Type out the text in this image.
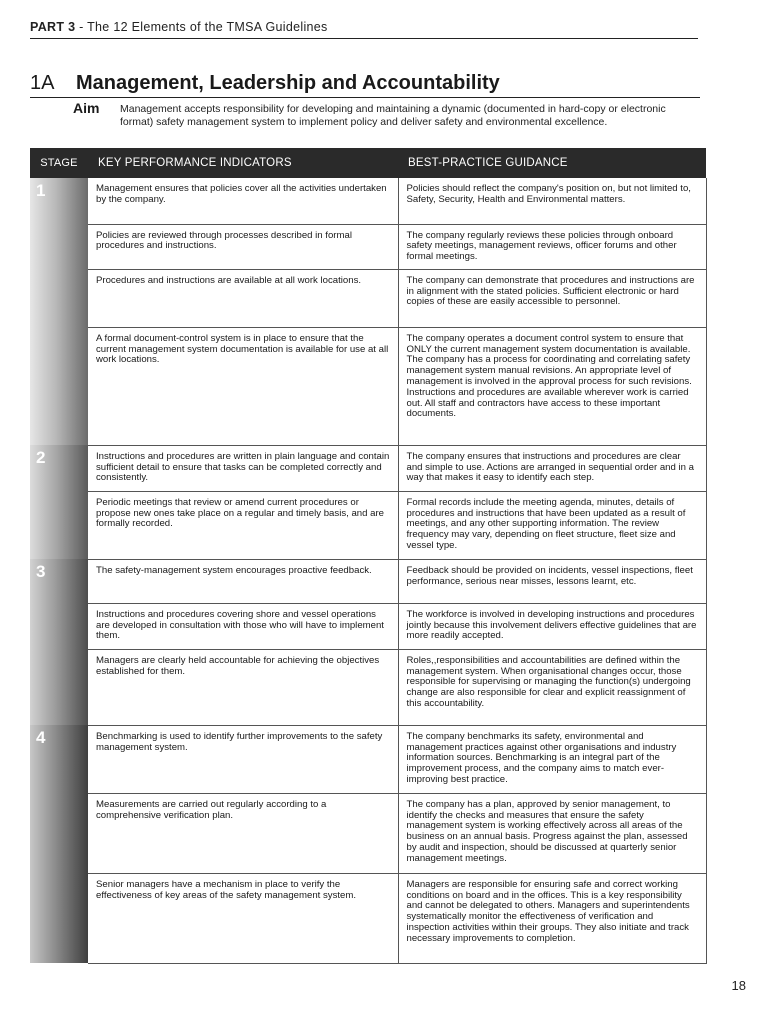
PART 3 - The 12 Elements of the TMSA Guidelines
1A Management, Leadership and Accountability
Aim Management accepts responsibility for developing and maintaining a dynamic (documented in hard-copy or electronic format) safety management system to implement policy and deliver safety and environmental excellence.
STAGE	KEY PERFORMANCE INDICATORS	BEST-PRACTICE GUIDANCE
1	Management ensures that policies cover all the activities undertaken by the company.	Policies should reflect the company's position on, but not limited to, Safety, Security, Health and Environmental matters.
	Policies are reviewed through processes described in formal procedures and instructions.	The company regularly reviews these policies through onboard safety meetings, management reviews, officer forums and other formal meetings.
	Procedures and instructions are available at all work locations.	The company can demonstrate that procedures and instructions are in alignment with the stated policies. Sufficient electronic or hard copies of these are easily accessible to personnel.
	A formal document-control system is in place to ensure that the current management system documentation is available for use at all work locations.	The company operates a document control system to ensure that ONLY the current management system documentation is available. The company has a process for coordinating and correlating safety management system manual revisions. An appropriate level of management is involved in the approval process for such revisions. Instructions and procedures are available wherever work is carried out. All staff and contractors have access to these important documents.
2	Instructions and procedures are written in plain language and contain sufficient detail to ensure that tasks can be completed correctly and consistently.	The company ensures that instructions and procedures are clear and simple to use. Actions are arranged in sequential order and in a way that makes it easy to identify each step.
	Periodic meetings that review or amend current procedures or propose new ones take place on a regular and timely basis, and are formally recorded.	Formal records include the meeting agenda, minutes, details of procedures and instructions that have been updated as a result of meetings, and any other supporting information. The review frequency may vary, depending on fleet structure, fleet size and vessel type.
3	The safety-management system encourages proactive feedback.	Feedback should be provided on incidents, vessel inspections, fleet performance, serious near misses, lessons learnt, etc.
	Instructions and procedures covering shore and vessel operations are developed in consultation with those who will have to implement them.	The workforce is involved in developing instructions and procedures jointly because this involvement delivers effective guidelines that are more readily accepted.
	Managers are clearly held accountable for achieving the objectives established for them.	Roles,,responsibilities and accountabilities are defined within the management system. When organisational changes occur, those responsible for supervising or managing the function(s) undergoing change are also responsible for clear and explicit reassignment of this accountability.
4	Benchmarking is used to identify further improvements to the safety management system.	The company benchmarks its safety, environmental and management practices against other organisations and industry information sources. Benchmarking is an integral part of the improvement process, and the company aims to match ever-improving best practice.
	Measurements are carried out regularly according to a comprehensive verification plan.	The company has a plan, approved by senior management, to identify the checks and measures that ensure the safety management system is working effectively across all areas of the business on an annual basis. Progress against the plan, assessed by audit and inspection, should be discussed at quarterly senior management meetings.
	Senior managers have a mechanism in place to verify the effectiveness of key areas of the safety management system.	Managers are responsible for ensuring safe and correct working conditions on board and in the offices. This is a key responsibility and cannot be delegated to others. Managers and superintendents systematically monitor the effectiveness of verification and inspection activities within their groups. They also initiate and track necessary improvements to completion.
18
